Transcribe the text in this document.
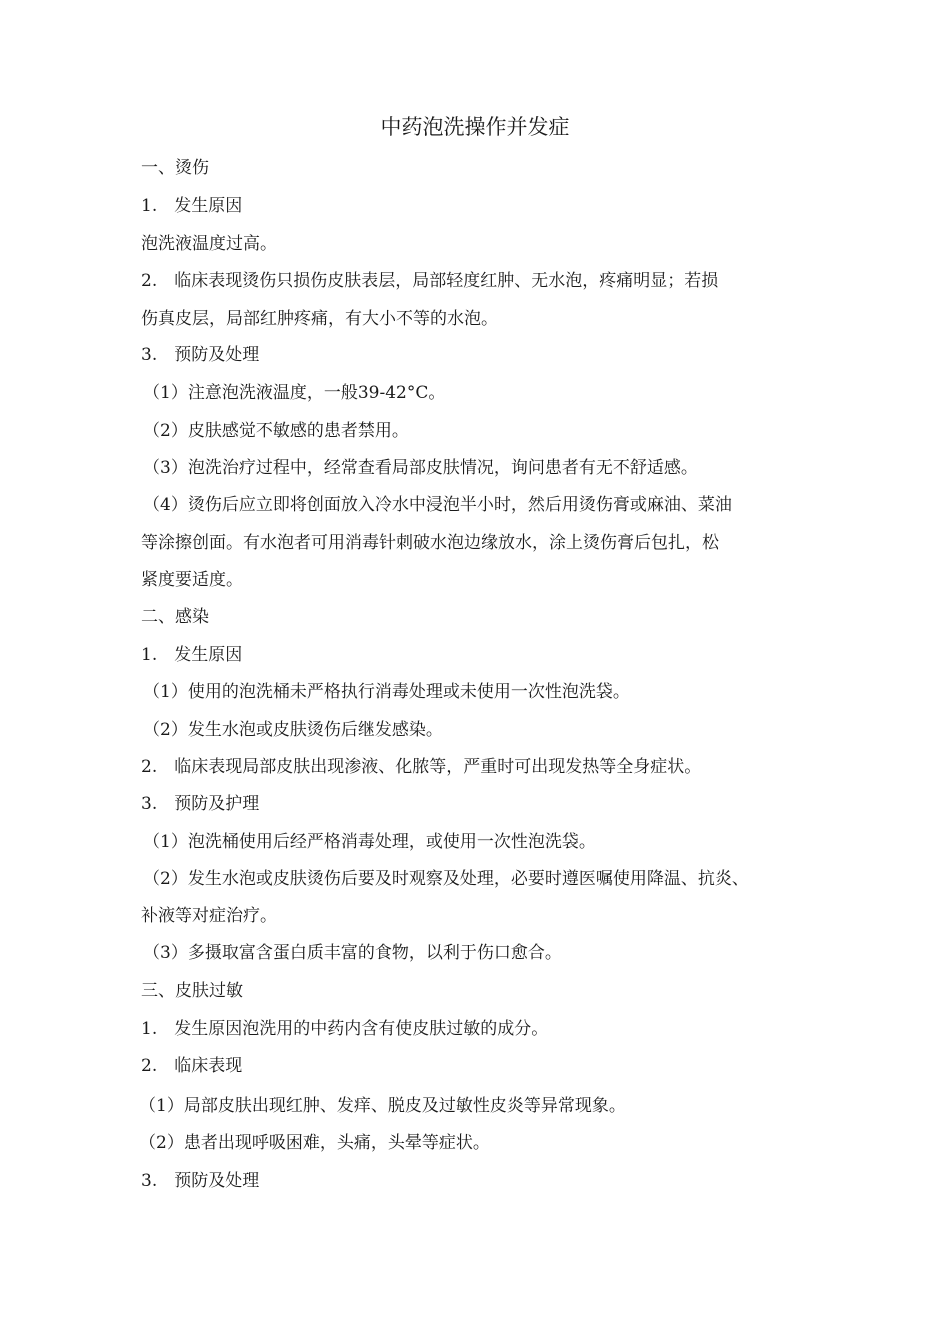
中药泡洗操作并发症
一、烫伤
1.　发生原因
泡洗液温度过高。
2.　临床表现烫伤只损伤皮肤表层，局部轻度红肿、无水泡，疼痛明显；若损
伤真皮层，局部红肿疼痛，有大小不等的水泡。
3.　预防及处理
（1）注意泡洗液温度，一般39-42°C。
（2）皮肤感觉不敏感的患者禁用。
（3）泡洗治疗过程中，经常查看局部皮肤情况，询问患者有无不舒适感。
（4）烫伤后应立即将创面放入冷水中浸泡半小时，然后用烫伤膏或麻油、菜油
等涂擦创面。有水泡者可用消毒针刺破水泡边缘放水，涂上烫伤膏后包扎，松
紧度要适度。
二、感染
1.　发生原因
（1）使用的泡洗桶未严格执行消毒处理或未使用一次性泡洗袋。
（2）发生水泡或皮肤烫伤后继发感染。
2.　临床表现局部皮肤出现渗液、化脓等，严重时可出现发热等全身症状。
3.　预防及护理
（1）泡洗桶使用后经严格消毒处理，或使用一次性泡洗袋。
（2）发生水泡或皮肤烫伤后要及时观察及处理，必要时遵医嘱使用降温、抗炎、
补液等对症治疗。
（3）多摄取富含蛋白质丰富的食物，以利于伤口愈合。
三、皮肤过敏
1.　发生原因泡洗用的中药内含有使皮肤过敏的成分。
2.　临床表现
（1）局部皮肤出现红肿、发痒、脱皮及过敏性皮炎等异常现象。
（2）患者出现呼吸困难，头痛，头晕等症状。
3.　预防及处理
